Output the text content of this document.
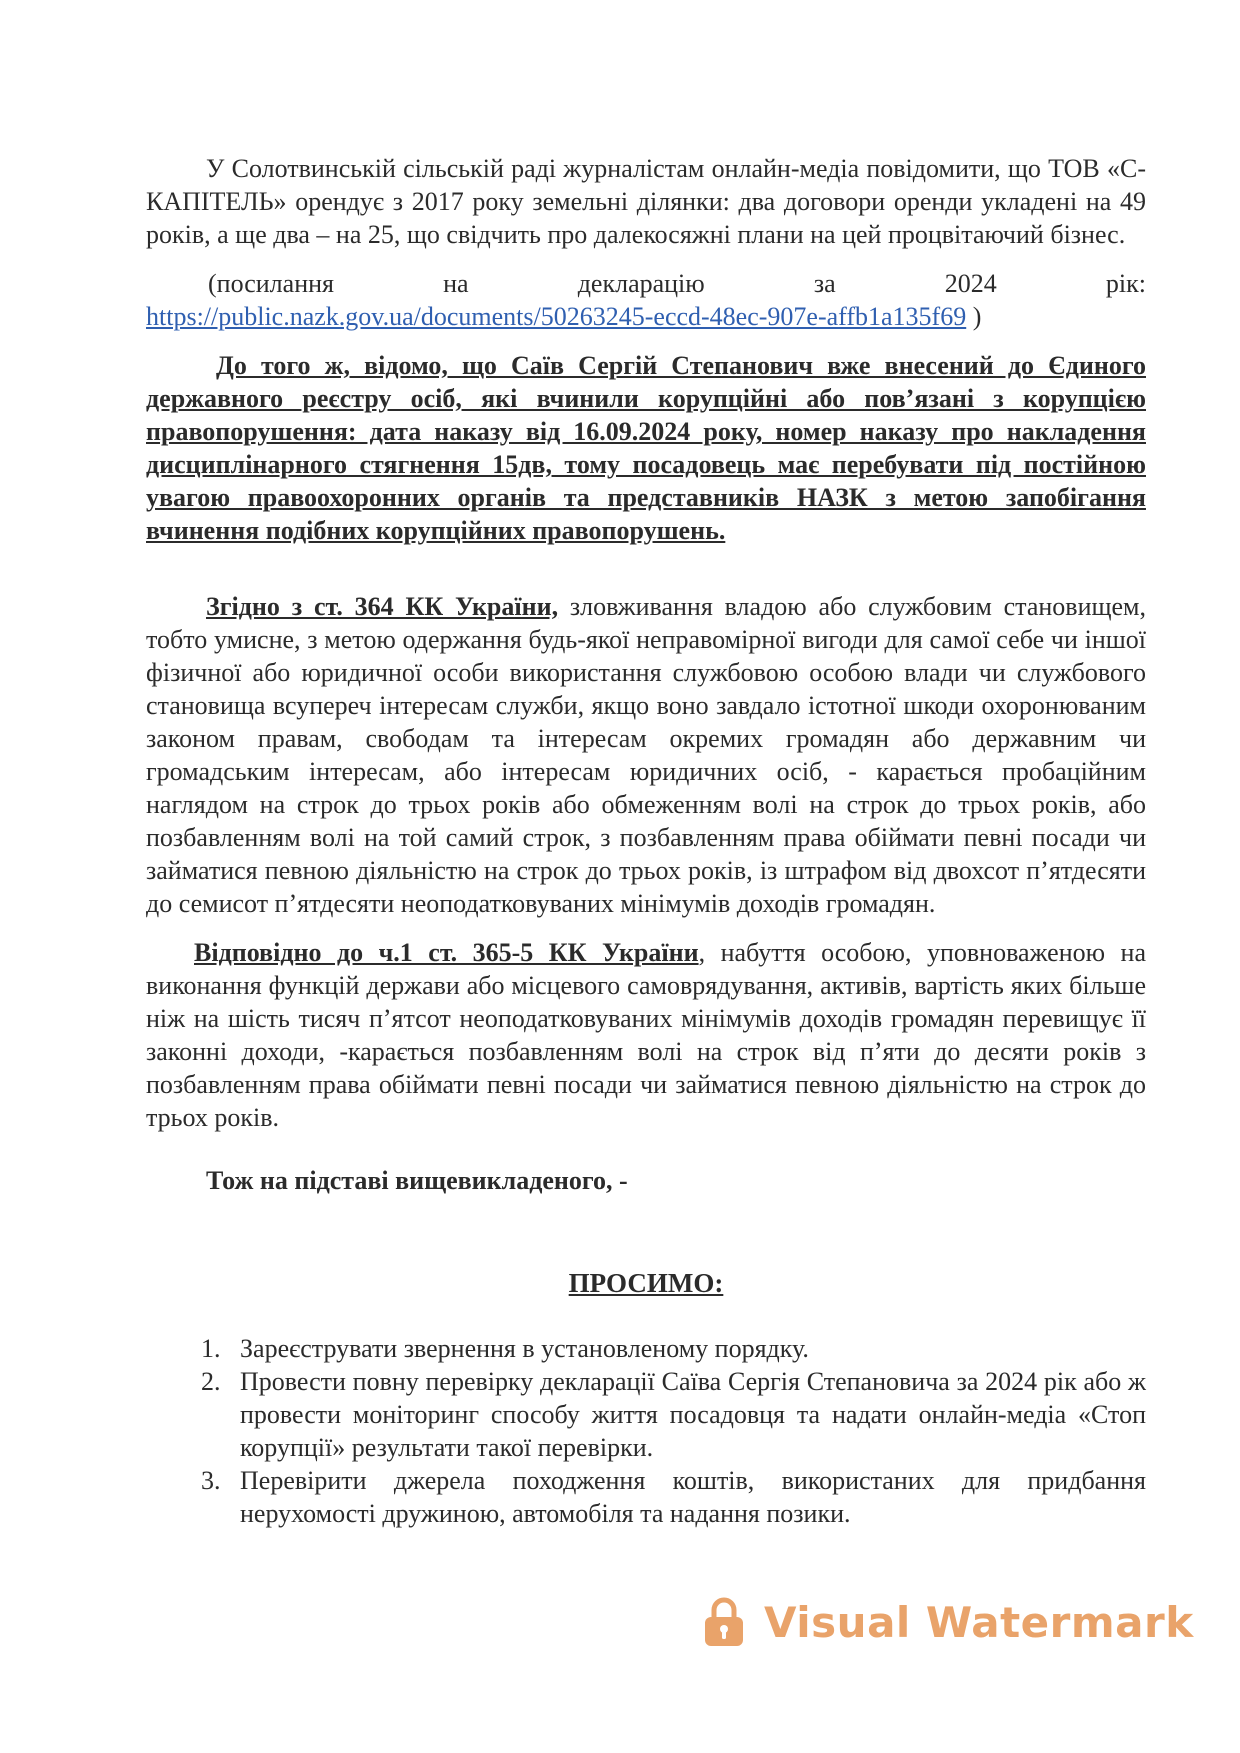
У Солотвинській сільській раді журналістам онлайн-медіа повідомити, що ТОВ «С-КАПІТЕЛЬ» орендує з 2017 року земельні ділянки: два договори оренди укладені на 49 років, а ще два – на 25, що свідчить про далекосяжні плани на цей процвітаючий бізнес.

(посилання на декларацію за 2024 рік:
https://public.nazk.gov.ua/documents/50263245-eccd-48ec-907e-affb1a135f69 )

До того ж, відомо, що Саїв Сергій Степанович вже внесений до Єдиного державного реєстру осіб, які вчинили корупційні або пов’язані з корупцією правопорушення: дата наказу від 16.09.2024 року, номер наказу про накладення дисциплінарного стягнення 15дв, тому посадовець має перебувати під постійною увагою правоохоронних органів та представників НАЗК з метою запобігання вчинення подібних корупційних правопорушень.

Згідно з ст. 364 КК України, зловживання владою або службовим становищем, тобто умисне, з метою одержання будь-якої неправомірної вигоди для самої себе чи іншої фізичної або юридичної особи використання службовою особою влади чи службового становища всупереч інтересам служби, якщо воно завдало істотної шкоди охоронюваним законом правам, свободам та інтересам окремих громадян або державним чи громадським інтересам, або інтересам юридичних осіб, - карається пробаційним наглядом на строк до трьох років або обмеженням волі на строк до трьох років, або позбавленням волі на той самий строк, з позбавленням права обіймати певні посади чи займатися певною діяльністю на строк до трьох років, із штрафом від двохсот п’ятдесяти до семисот п’ятдесяти неоподатковуваних мінімумів доходів громадян.

Відповідно до ч.1 ст. 365-5 КК України, набуття особою, уповноваженою на виконання функцій держави або місцевого самоврядування, активів, вартість яких більше ніж на шість тисяч п’ятсот неоподатковуваних мінімумів доходів громадян перевищує її законні доходи, -карається позбавленням волі на строк від п’яти до десяти років з позбавленням права обіймати певні посади чи займатися певною діяльністю на строк до трьох років.

Тож на підставі вищевикладеного, -

ПРОСИМО:

1. Зареєструвати звернення в установленому порядку.
2. Провести повну перевірку декларації Саїва Сергія Степановича за 2024 рік або ж провести моніторинг способу життя посадовця та надати онлайн-медіа «Стоп корупції» результати такої перевірки.
3. Перевірити джерела походження коштів, використаних для придбання нерухомості дружиною, автомобіля та надання позики.
Visual Watermark
